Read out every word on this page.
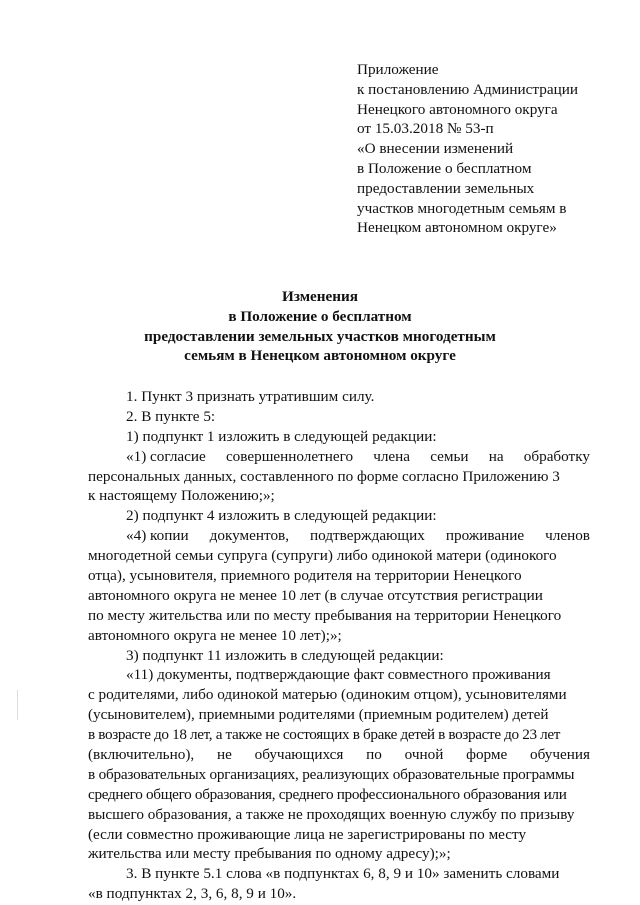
Приложение
к постановлению Администрации
Ненецкого автономного округа
от 15.03.2018 № 53-п
«О внесении изменений
в Положение о бесплатном
предоставлении земельных
участков многодетным семьям в
Ненецком автономном округе»
Изменения
в Положение о бесплатном
предоставлении земельных участков многодетным
семьям в Ненецком автономном округе
1. Пункт 3 признать утратившим силу.
2. В пункте 5:
1) подпункт 1 изложить в следующей редакции:
«1) согласие совершеннолетнего члена семьи на обработку
персональных данных, составленного по форме согласно Приложению 3
к настоящему Положению;»;
2) подпункт 4 изложить в следующей редакции:
«4) копии документов, подтверждающих проживание членов
многодетной семьи супруга (супруги) либо одинокой матери (одинокого
отца), усыновителя, приемного родителя на территории Ненецкого
автономного округа не менее 10 лет (в случае отсутствия регистрации
по месту жительства или по месту пребывания на территории Ненецкого
автономного округа не менее 10 лет);»;
3) подпункт 11 изложить в следующей редакции:
«11) документы, подтверждающие факт совместного проживания
с родителями, либо одинокой матерью (одиноким отцом), усыновителями
(усыновителем), приемными родителями (приемным родителем) детей
в возрасте до 18 лет, а также не состоящих в браке детей в возрасте до 23 лет
(включительно), не обучающихся по очной форме обучения
в образовательных организациях, реализующих образовательные программы
среднего общего образования, среднего профессионального образования или
высшего образования, а также не проходящих военную службу по призыву
(если совместно проживающие лица не зарегистрированы по месту
жительства или месту пребывания по одному адресу);»;
3. В пункте 5.1 слова «в подпунктах 6, 8, 9 и 10» заменить словами
«в подпунктах 2, 3, 6, 8, 9 и 10».
